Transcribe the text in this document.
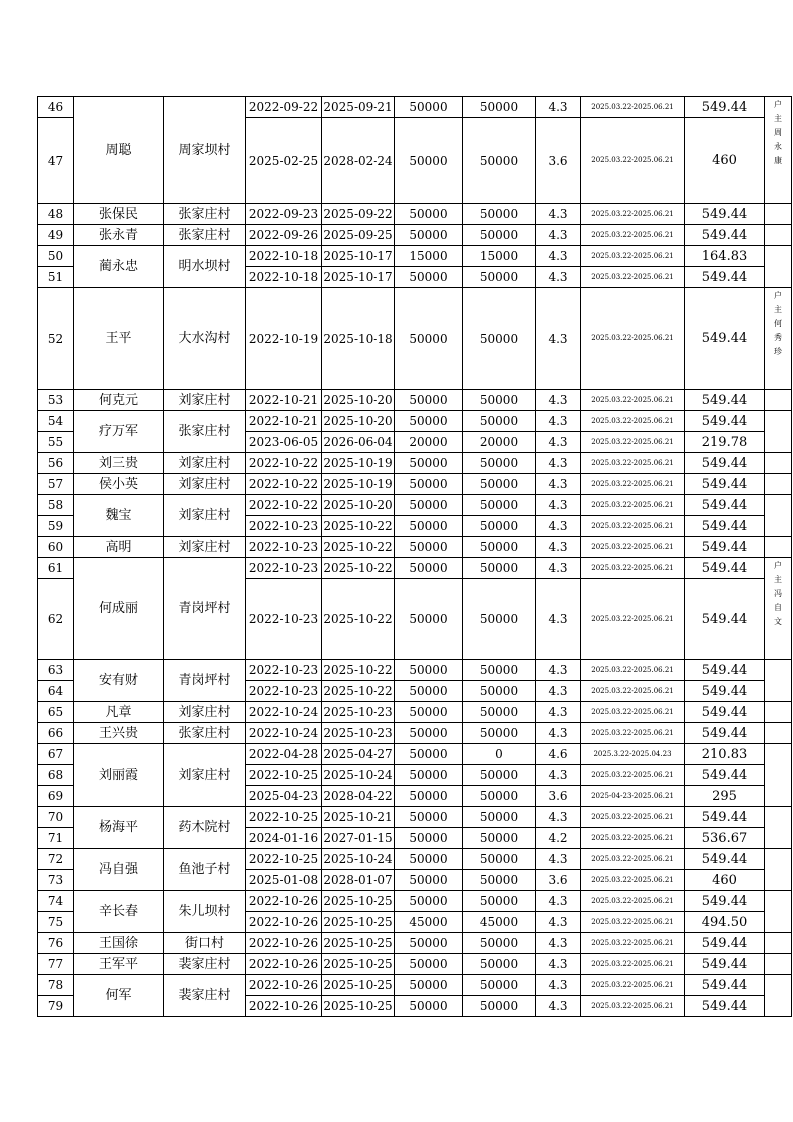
46	周聪	周家坝村	2022-09-22	2025-09-21	50000	50000	4.3	2025.03.22-2025.06.21	549.44	户
主
周
永
康

47			2025-02-25	2028-02-24	50000	50000	3.6	2025.03.22-2025.06.21	460	
48	张保民	张家庄村	2022-09-23	2025-09-22	50000	50000	4.3	2025.03.22-2025.06.21	549.44	
49	张永青	张家庄村	2022-09-26	2025-09-25	50000	50000	4.3	2025.03.22-2025.06.21	549.44	
50	蔺永忠	明水坝村	2022-10-18	2025-10-17	15000	15000	4.3	2025.03.22-2025.06.21	164.83	
51			2022-10-18	2025-10-17	50000	50000	4.3	2025.03.22-2025.06.21	549.44	
52	王平	大水沟村	2022-10-19	2025-10-18	50000	50000	4.3	2025.03.22-2025.06.21	549.44	户
主
何
秀
珍

53	何克元	刘家庄村	2022-10-21	2025-10-20	50000	50000	4.3	2025.03.22-2025.06.21	549.44	
54	疗万军	张家庄村	2022-10-21	2025-10-20	50000	50000	4.3	2025.03.22-2025.06.21	549.44	
55			2023-06-05	2026-06-04	20000	20000	4.3	2025.03.22-2025.06.21	219.78	
56	刘三贵	刘家庄村	2022-10-22	2025-10-19	50000	50000	4.3	2025.03.22-2025.06.21	549.44	
57	侯小英	刘家庄村	2022-10-22	2025-10-19	50000	50000	4.3	2025.03.22-2025.06.21	549.44	
58	魏宝	刘家庄村	2022-10-22	2025-10-20	50000	50000	4.3	2025.03.22-2025.06.21	549.44	
59			2022-10-23	2025-10-22	50000	50000	4.3	2025.03.22-2025.06.21	549.44	
60	高明	刘家庄村	2022-10-23	2025-10-22	50000	50000	4.3	2025.03.22-2025.06.21	549.44	
61	何成丽	青岗坪村	2022-10-23	2025-10-22	50000	50000	4.3	2025.03.22-2025.06.21	549.44	户
主
冯
自
文

62			2022-10-23	2025-10-22	50000	50000	4.3	2025.03.22-2025.06.21	549.44	
63	安有财	青岗坪村	2022-10-23	2025-10-22	50000	50000	4.3	2025.03.22-2025.06.21	549.44	
64			2022-10-23	2025-10-22	50000	50000	4.3	2025.03.22-2025.06.21	549.44	
65	凡章	刘家庄村	2022-10-24	2025-10-23	50000	50000	4.3	2025.03.22-2025.06.21	549.44	
66	王兴贵	张家庄村	2022-10-24	2025-10-23	50000	50000	4.3	2025.03.22-2025.06.21	549.44	
67	刘丽霞	刘家庄村	2022-04-28	2025-04-27	50000	0	4.6	2025.3.22-2025.04.23	210.83	
68			2022-10-25	2025-10-24	50000	50000	4.3	2025.03.22-2025.06.21	549.44	
69			2025-04-23	2028-04-22	50000	50000	3.6	2025-04-23-2025.06.21	295	
70	杨海平	药木院村	2022-10-25	2025-10-21	50000	50000	4.3	2025.03.22-2025.06.21	549.44	
71			2024-01-16	2027-01-15	50000	50000	4.2	2025.03.22-2025.06.21	536.67	
72	冯自强	鱼池子村	2022-10-25	2025-10-24	50000	50000	4.3	2025.03.22-2025.06.21	549.44	
73			2025-01-08	2028-01-07	50000	50000	3.6	2025.03.22-2025.06.21	460	
74	辛长春	朱儿坝村	2022-10-26	2025-10-25	50000	50000	4.3	2025.03.22-2025.06.21	549.44	
75			2022-10-26	2025-10-25	45000	45000	4.3	2025.03.22-2025.06.21	494.50	
76	王国徐	街口村	2022-10-26	2025-10-25	50000	50000	4.3	2025.03.22-2025.06.21	549.44	
77	王军平	裴家庄村	2022-10-26	2025-10-25	50000	50000	4.3	2025.03.22-2025.06.21	549.44	
78	何军	裴家庄村	2022-10-26	2025-10-25	50000	50000	4.3	2025.03.22-2025.06.21	549.44	
79			2022-10-26	2025-10-25	50000	50000	4.3	2025.03.22-2025.06.21	549.44	
